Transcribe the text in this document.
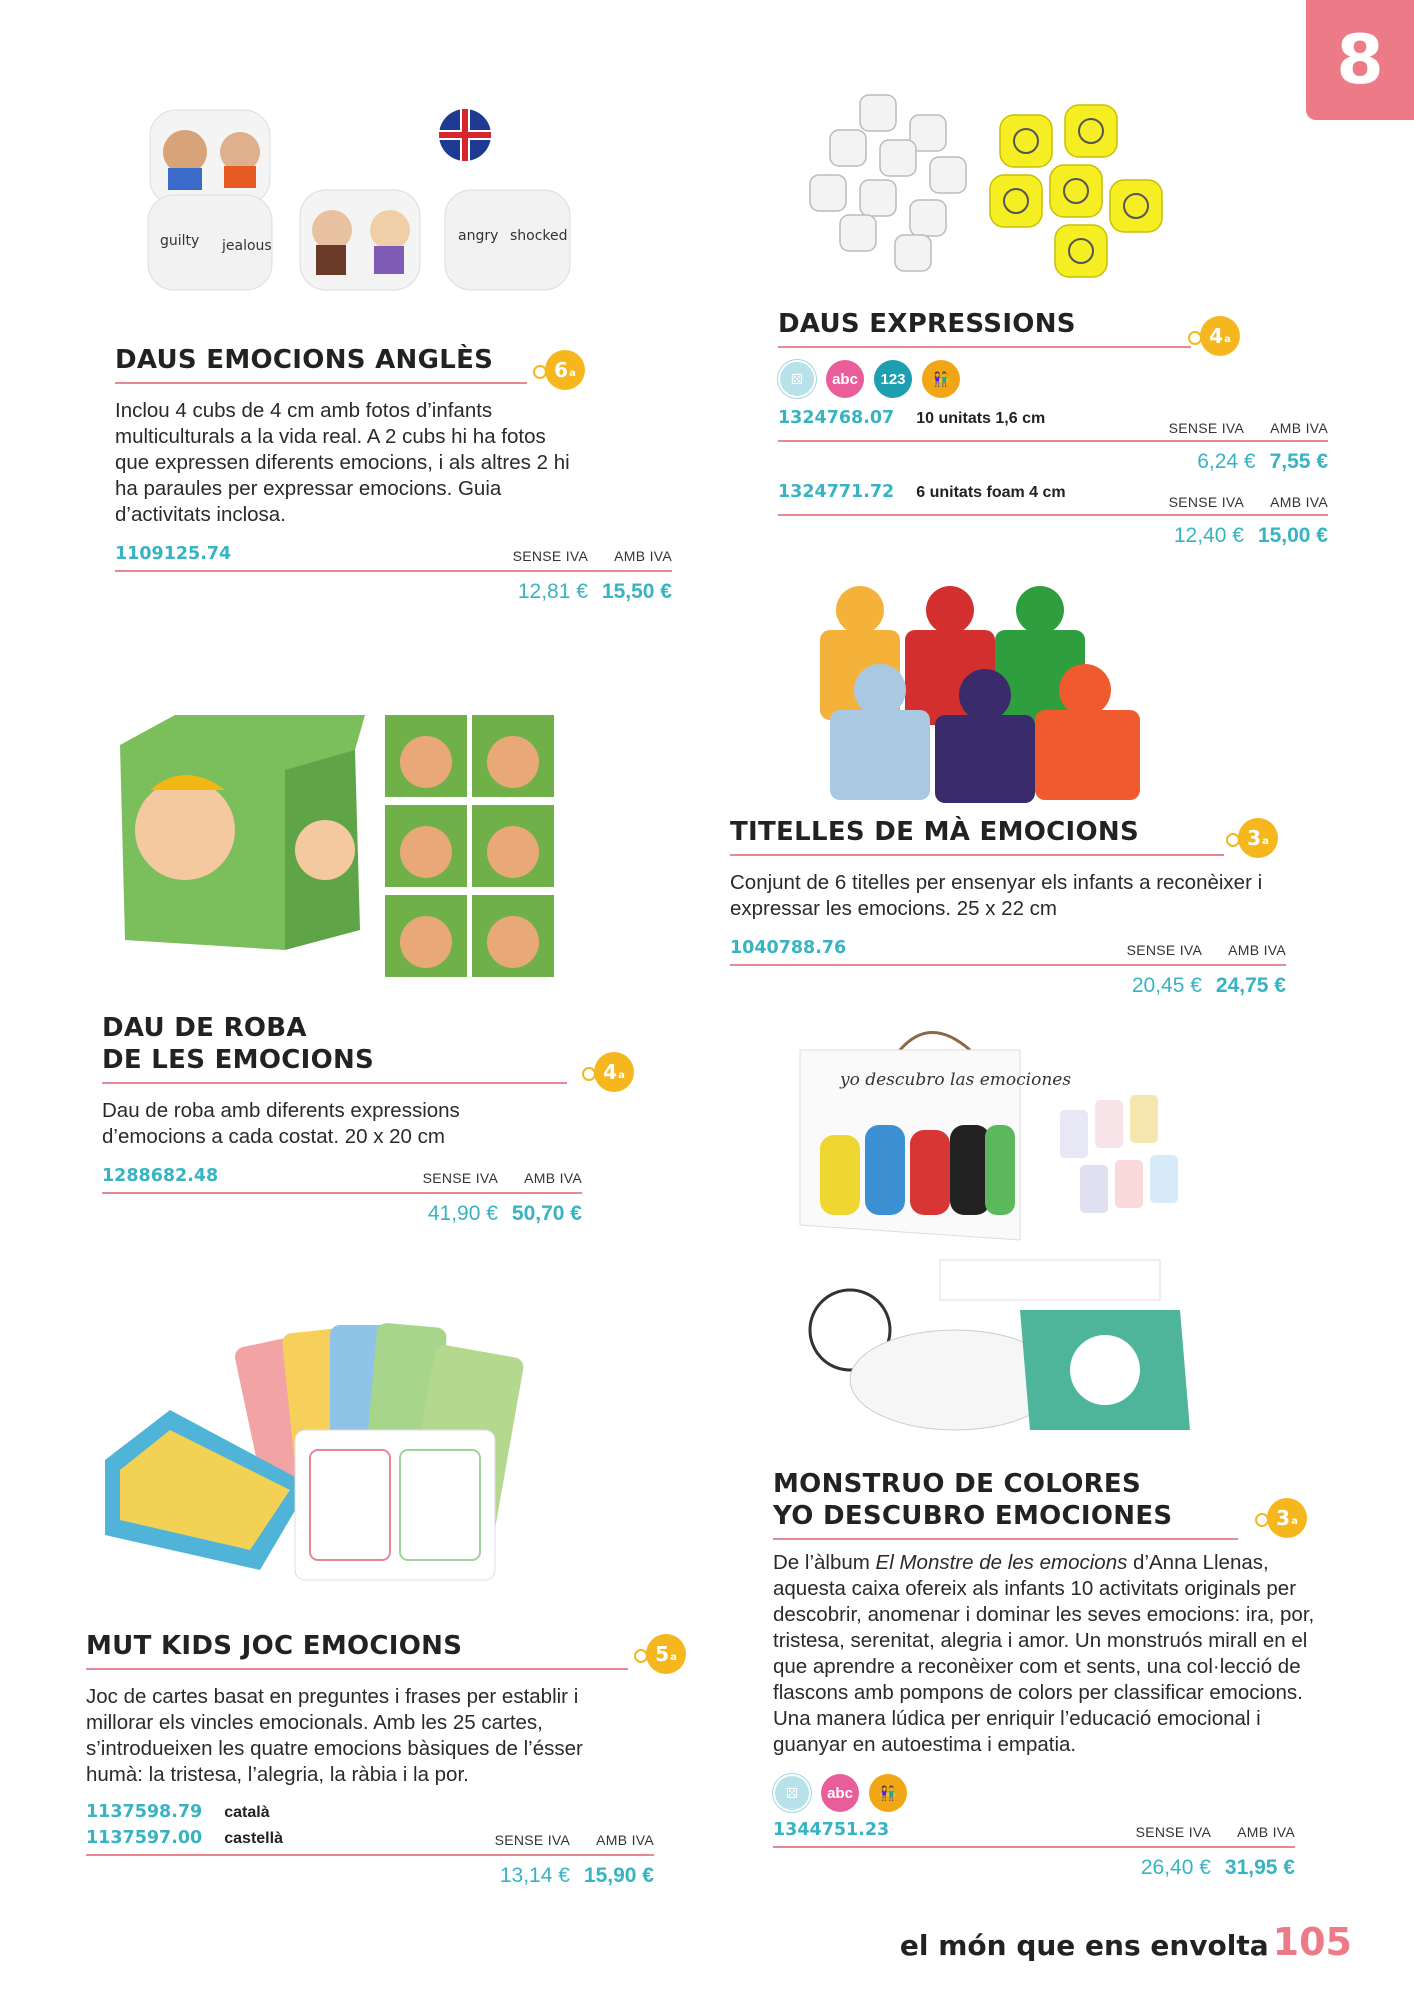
8
guilty jealous
angry shocked
DAUS EMOCIONS ANGLÈS	6 a
Inclou 4 cubs de 4 cm amb fotos d’infants multiculturals a la vida real. A 2 cubs hi ha fotos que expressen diferents emocions, i als altres 2 hi ha paraules per expressar emocions. Guia d’activitats inclosa.
1109125.74	SENSE IVA AMB IVA
12,81 € 15,50 €
DAUS EXPRESSIONS	4 a
⚄	abc	123	👫
1324768.07 10 unitats 1,6 cm
SENSE IVA AMB IVA
6,24 € 7,55 €
1324771.72 6 unitats foam 4 cm
SENSE IVA AMB IVA
12,40 € 15,00 €
TITELLES DE MÀ EMOCIONS	3 a
Conjunt de 6 titelles per ensenyar els infants a reconèixer i expressar les emocions. 25 x 22 cm
1040788.76	SENSE IVA AMB IVA
20,45 € 24,75 €
DAU DE ROBA
DE LES EMOCIONS	4 a
Dau de roba amb diferents expressions d’emocions a cada costat. 20 x 20 cm
1288682.48	SENSE IVA AMB IVA
41,90 € 50,70 €
yo descubro las emociones
MONSTRUO DE COLORES
YO DESCUBRO EMOCIONES	3 a
De l’àlbum El Monstre de les emocions d’Anna Llenas, aquesta caixa ofereix als infants 10 activitats originals per descobrir, anomenar i dominar les seves emocions: ira, por, tristesa, serenitat, alegria i amor. Un monstruós mirall en el que aprendre a reconèixer com et sents, una col·lecció de flascons amb pompons de colors per classificar emocions. Una manera lúdica per enriquir l’educació emocional i guanyar en autoestima i empatia.
⚄	abc	👫
1344751.23	SENSE IVA AMB IVA
26,40 € 31,95 €
MUT KIDS JOC EMOCIONS	5 a
Joc de cartes basat en preguntes i frases per establir i millorar els vincles emocionals. Amb les 25 cartes, s’introdueixen les quatre emocions bàsiques de l’ésser humà: la tristesa, l’alegria, la ràbia i la por.
1137598.79 català
1137597.00 castellà	SENSE IVA AMB IVA
13,14 € 15,90 €
el món que ens envolta 105
